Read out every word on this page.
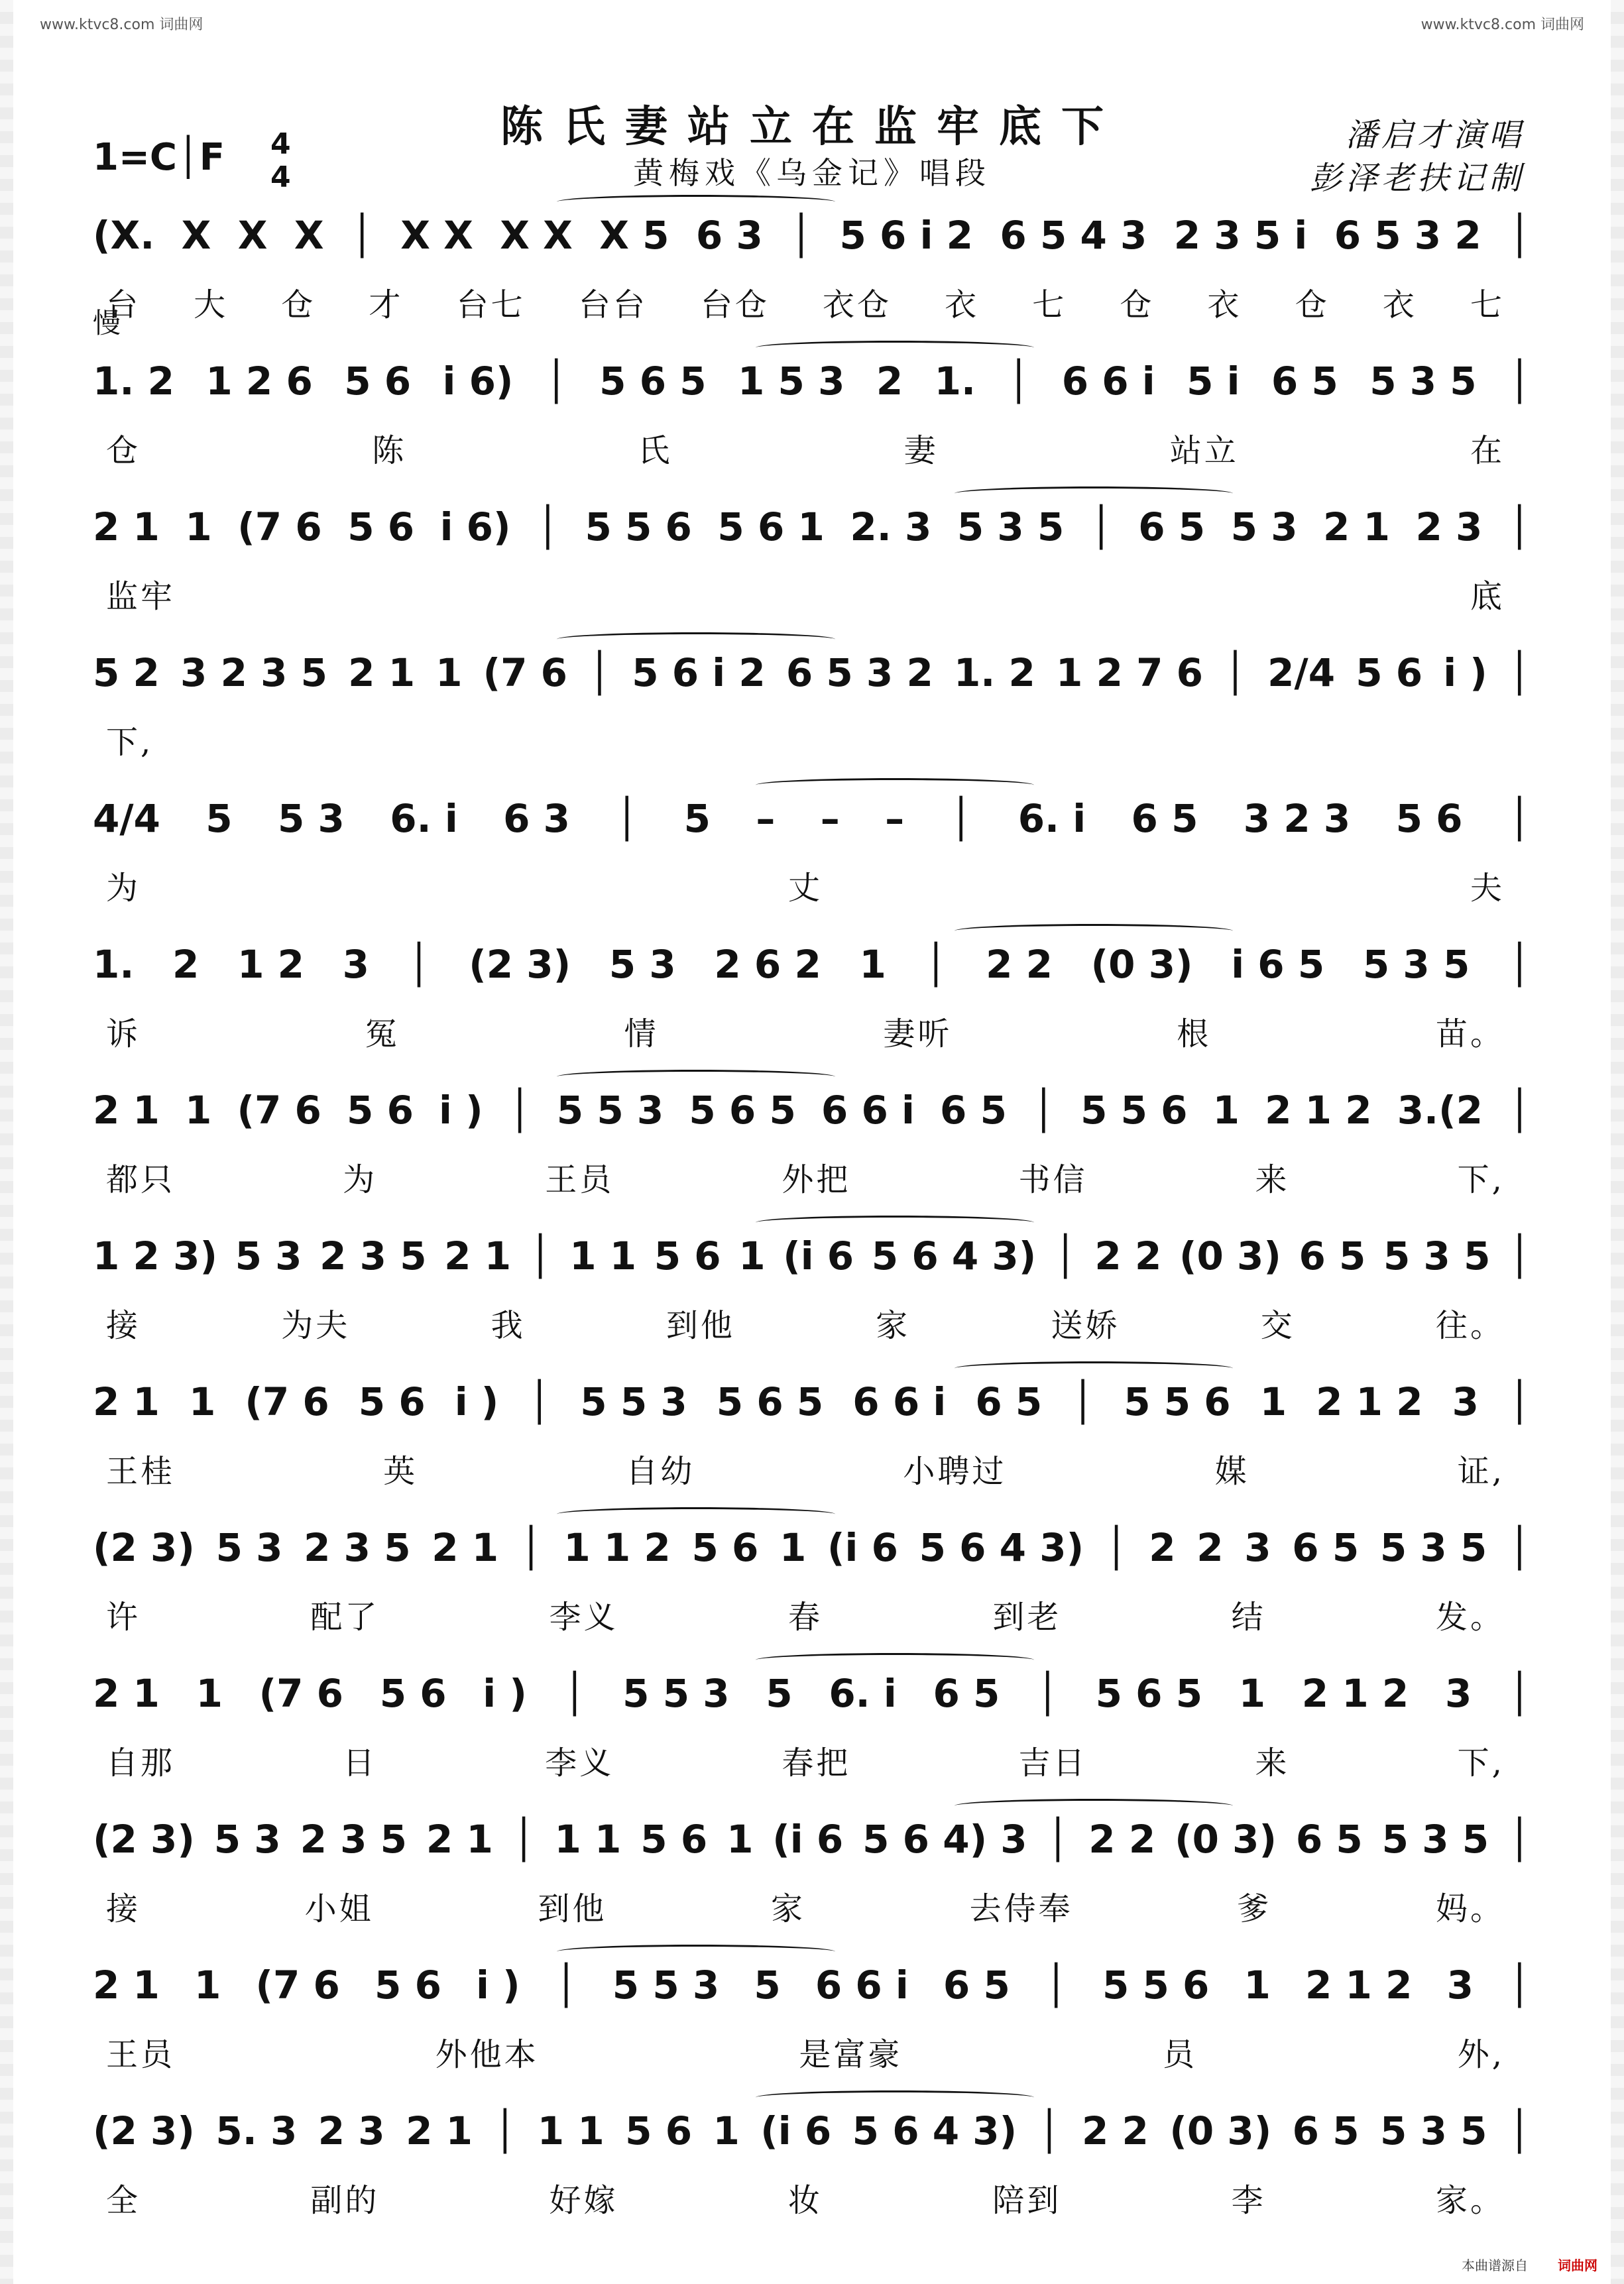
www.ktvc8.com 词曲网	www.ktvc8.com 词曲网
陈氏妻站立在监牢底下
黄梅戏《乌金记》唱段
潘启才演唱
彭泽老扶记制
1=C│F 4
4
慢
(X. X X X │ X X X X X 5 6 3 │ 5 6 i 2 6 5 4 3 2 3 5 i 6 5 3 2 │
台 大 仓 才 台七 台台 台仓 衣仓 衣 七 仓 衣 仓 衣 七
1. 2 1 2 6 5 6 i 6) │ 5 6 5 1 5 3 2 1. │ 6 6 i 5 i 6 5 5 3 5 │
仓	陈	氏	妻	站立	在
2 1 1 (7 6 5 6 i 6) │ 5 5 6 5 6 1 2. 3 5 3 5 │ 6 5 5 3 2 1 2 3 │
监牢	底
5 2 3 2 3 5 2 1 1 (7 6 │ 5 6 i 2 6 5 3 2 1. 2 1 2 7 6 │ 2/4 5 6 i ) │
下,
4/4 5 5 3 6. i 6 3 │ 5 – – – │ 6. i 6 5 3 2 3 5 6 │
为	丈	夫
1. 2 1 2 3 │ (2 3) 5 3 2 6 2 1 │ 2 2 (0 3) i 6 5 5 3 5 │
诉	冤	情	妻听	根	苗。
2 1 1 (7 6 5 6 i ) │ 5 5 3 5 6 5 6 6 i 6 5 │ 5 5 6 1 2 1 2 3.(2 │
都只	为	王员	外把	书信	来	下,
1 2 3) 5 3 2 3 5 2 1 │ 1 1 5 6 1 (i 6 5 6 4 3) │ 2 2 (0 3) 6 5 5 3 5 │
接	为夫	我	到他	家	送娇	交	往。
2 1 1 (7 6 5 6 i ) │ 5 5 3 5 6 5 6 6 i 6 5 │ 5 5 6 1 2 1 2 3 │
王桂	英	自幼	小聘过	媒	证,
(2 3) 5 3 2 3 5 2 1 │ 1 1 2 5 6 1 (i 6 5 6 4 3) │ 2 2 3 6 5 5 3 5 │
许	配了	李义	春	到老	结	发。
2 1 1 (7 6 5 6 i ) │ 5 5 3 5 6. i 6 5 │ 5 6 5 1 2 1 2 3 │
自那	日	李义	春把	吉日	来	下,
(2 3) 5 3 2 3 5 2 1 │ 1 1 5 6 1 (i 6 5 6 4) 3 │ 2 2 (0 3) 6 5 5 3 5 │
接	小姐	到他	家	去侍奉	爹	妈。
2 1 1 (7 6 5 6 i ) │ 5 5 3 5 6 6 i 6 5 │ 5 5 6 1 2 1 2 3 │
王员	外他本	是富豪	员	外,
(2 3) 5. 3 2 3 2 1 │ 1 1 5 6 1 (i 6 5 6 4 3) │ 2 2 (0 3) 6 5 5 3 5 │
全	副的	好嫁	妆	陪到	李	家。
本曲谱源自 词曲网
